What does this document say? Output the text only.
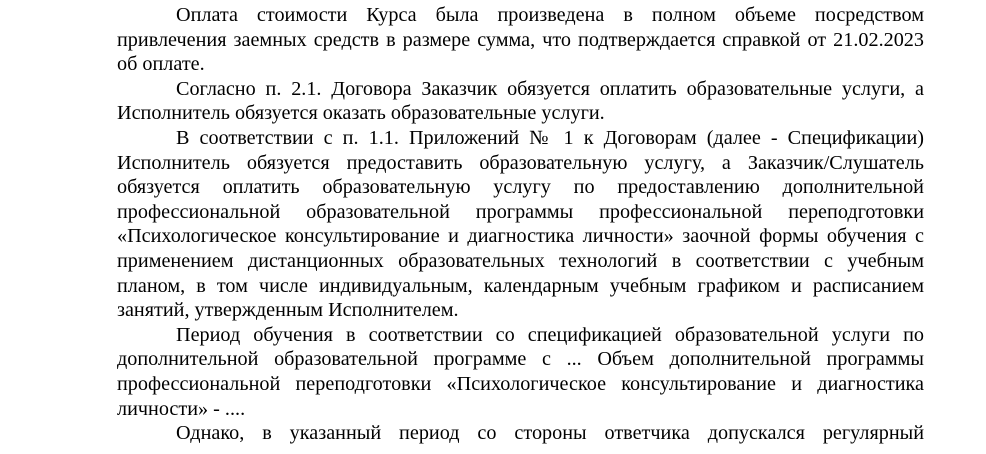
Оплата стоимости Курса была произведена в полном объеме посредством привлечения заемных средств в размере сумма, что подтверждается справкой от 21.02.2023 об оплате.

Согласно п. 2.1. Договора Заказчик обязуется оплатить образовательные услуги, а Исполнитель обязуется оказать образовательные услуги.

В соответствии с п. 1.1. Приложений № 1 к Договорам (далее - Спецификации) Исполнитель обязуется предоставить образовательную услугу, а Заказчик/Слушатель обязуется оплатить образовательную услугу по предоставлению дополнительной профессиональной образовательной программы профессиональной переподготовки «Психологическое консультирование и диагностика личности» заочной формы обучения с применением дистанционных образовательных технологий в соответствии с учебным планом, в том числе индивидуальным, календарным учебным графиком и расписанием занятий, утвержденным Исполнителем.

Период обучения в соответствии со спецификацией образовательной услуги по дополнительной образовательной программе с ... Объем дополнительной программы профессиональной переподготовки «Психологическое консультирование и диагностика личности» - ....

Однако, в указанный период со стороны ответчика допускался регулярный
